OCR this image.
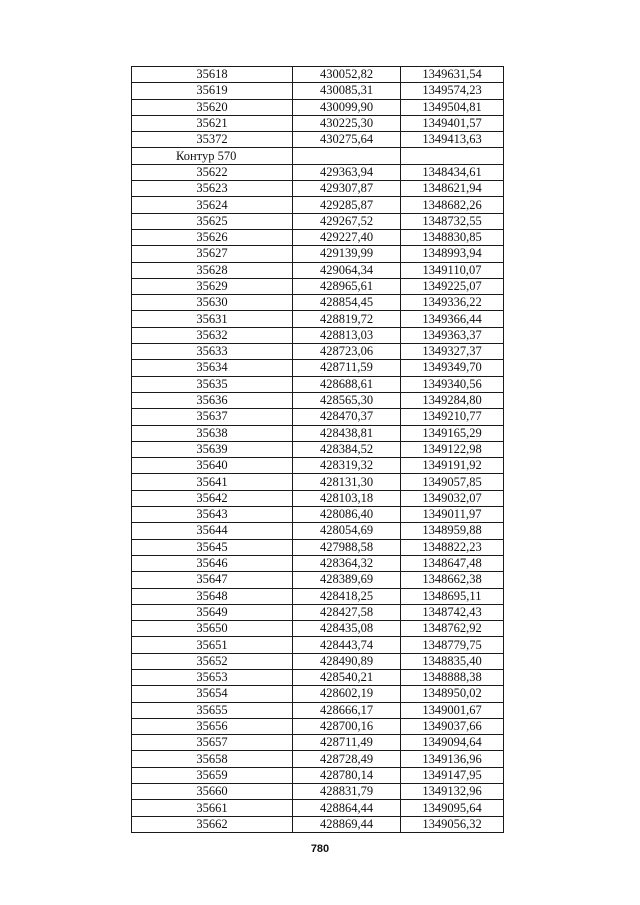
35618	430052,82	1349631,54
35619	430085,31	1349574,23
35620	430099,90	1349504,81
35621	430225,30	1349401,57
35372	430275,64	1349413,63
Контур 570		
35622	429363,94	1348434,61
35623	429307,87	1348621,94
35624	429285,87	1348682,26
35625	429267,52	1348732,55
35626	429227,40	1348830,85
35627	429139,99	1348993,94
35628	429064,34	1349110,07
35629	428965,61	1349225,07
35630	428854,45	1349336,22
35631	428819,72	1349366,44
35632	428813,03	1349363,37
35633	428723,06	1349327,37
35634	428711,59	1349349,70
35635	428688,61	1349340,56
35636	428565,30	1349284,80
35637	428470,37	1349210,77
35638	428438,81	1349165,29
35639	428384,52	1349122,98
35640	428319,32	1349191,92
35641	428131,30	1349057,85
35642	428103,18	1349032,07
35643	428086,40	1349011,97
35644	428054,69	1348959,88
35645	427988,58	1348822,23
35646	428364,32	1348647,48
35647	428389,69	1348662,38
35648	428418,25	1348695,11
35649	428427,58	1348742,43
35650	428435,08	1348762,92
35651	428443,74	1348779,75
35652	428490,89	1348835,40
35653	428540,21	1348888,38
35654	428602,19	1348950,02
35655	428666,17	1349001,67
35656	428700,16	1349037,66
35657	428711,49	1349094,64
35658	428728,49	1349136,96
35659	428780,14	1349147,95
35660	428831,79	1349132,96
35661	428864,44	1349095,64
35662	428869,44	1349056,32
780
